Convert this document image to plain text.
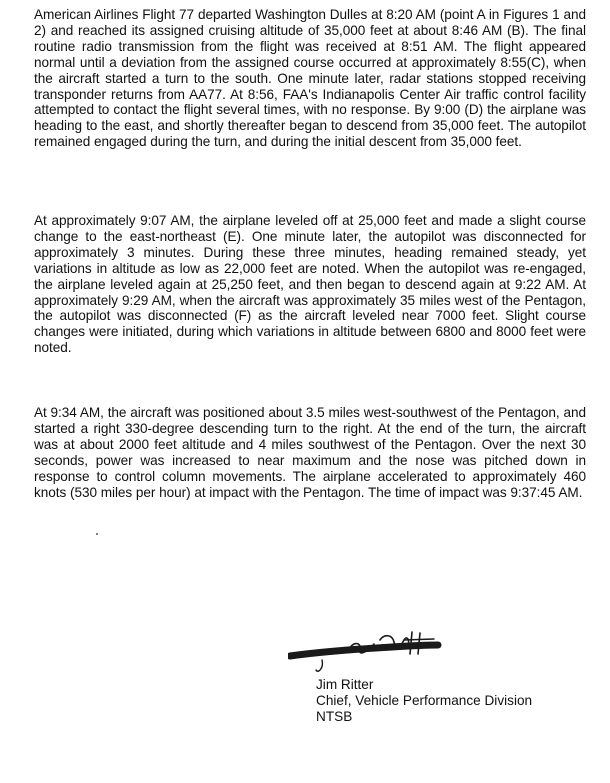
American Airlines Flight 77 departed Washington Dulles at 8:20 AM (point A in Figures 1 and 2) and reached its assigned cruising altitude of 35,000 feet at about 8:46 AM (B). The final routine radio transmission from the flight was received at 8:51 AM. The flight appeared normal until a deviation from the assigned course occurred at approximately 8:55(C), when the aircraft started a turn to the south. One minute later, radar stations stopped receiving transponder returns from AA77. At 8:56, FAA's Indianapolis Center Air traffic control facility attempted to contact the flight several times, with no response. By 9:00 (D) the airplane was heading to the east, and shortly thereafter began to descend from 35,000 feet. The autopilot remained engaged during the turn, and during the initial descent from 35,000 feet.

At approximately 9:07 AM, the airplane leveled off at 25,000 feet and made a slight course change to the east-northeast (E). One minute later, the autopilot was disconnected for approximately 3 minutes. During these three minutes, heading remained steady, yet variations in altitude as low as 22,000 feet are noted. When the autopilot was re-engaged, the airplane leveled again at 25,250 feet, and then began to descend again at 9:22 AM. At approximately 9:29 AM, when the aircraft was approximately 35 miles west of the Pentagon, the autopilot was disconnected (F) as the aircraft leveled near 7000 feet. Slight course changes were initiated, during which variations in altitude between 6800 and 8000 feet were noted.

At 9:34 AM, the aircraft was positioned about 3.5 miles west-southwest of the Pentagon, and started a right 330-degree descending turn to the right. At the end of the turn, the aircraft was at about 2000 feet altitude and 4 miles southwest of the Pentagon. Over the next 30 seconds, power was increased to near maximum and the nose was pitched down in response to control column movements. The airplane accelerated to approximately 460 knots (530 miles per hour) at impact with the Pentagon. The time of impact was 9:37:45 AM.

Jim Ritter
Chief, Vehicle Performance Division
NTSB
